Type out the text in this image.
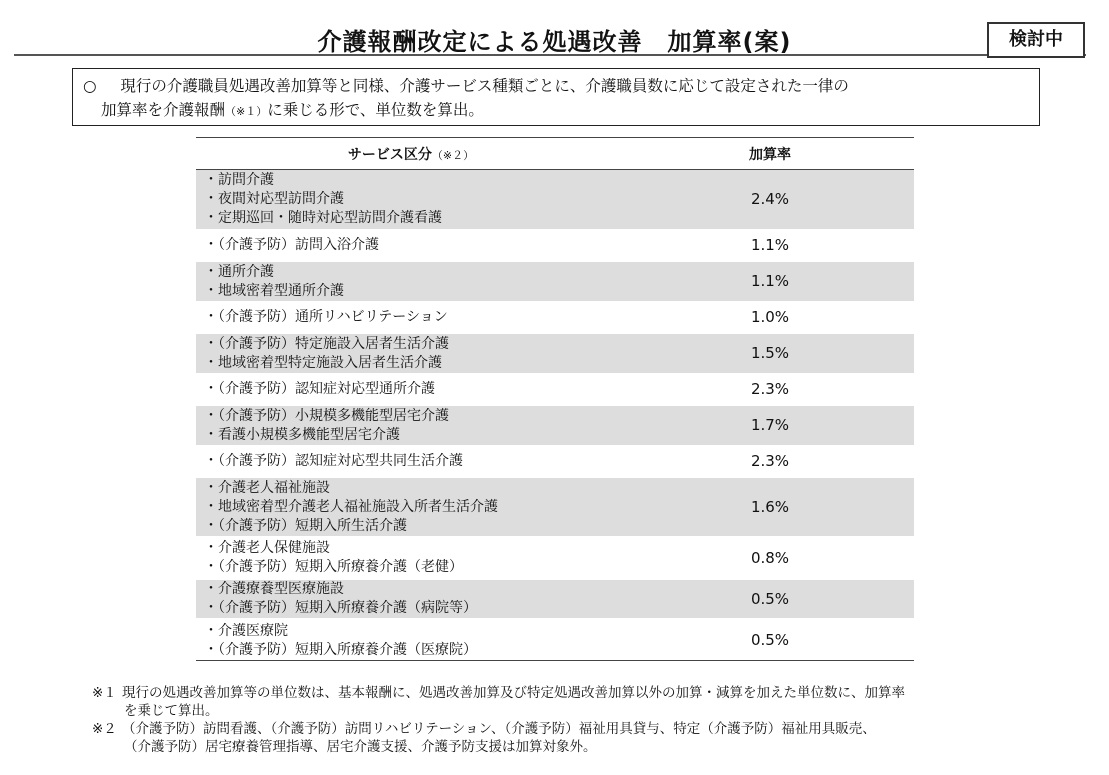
介護報酬改定による処遇改善　加算率(案)	検討中
○ 現行の介護職員処遇改善加算等と同様、介護サービス種類ごとに、介護職員数に応じて設定された一律の
加算率を介護報酬（※１）に乗じる形で、単位数を算出。
サービス区分（※２）	加算率

・訪問介護
・夜間対応型訪問介護
・定期巡回・随時対応型訪問介護看護	2.4%

・（介護予防）訪問入浴介護	1.1%

・通所介護
・地域密着型通所介護	1.1%

・（介護予防）通所リハビリテーション	1.0%

・（介護予防）特定施設入居者生活介護
・地域密着型特定施設入居者生活介護	1.5%

・（介護予防）認知症対応型通所介護	2.3%

・（介護予防）小規模多機能型居宅介護
・看護小規模多機能型居宅介護	1.7%

・（介護予防）認知症対応型共同生活介護	2.3%

・介護老人福祉施設
・地域密着型介護老人福祉施設入所者生活介護
・（介護予防）短期入所生活介護	1.6%

・介護老人保健施設
・（介護予防）短期入所療養介護（老健）	0.8%

・介護療養型医療施設
・（介護予防）短期入所療養介護（病院等）	0.5%

・介護医療院
・（介護予防）短期入所療養介護（医療院）	0.5%
※１ 現行の処遇改善加算等の単位数は、基本報酬に、処遇改善加算及び特定処遇改善加算以外の加算・減算を加えた単位数に、加算率
を乗じて算出。
※２ （介護予防）訪問看護、（介護予防）訪問リハビリテーション、（介護予防）福祉用具貸与、特定（介護予防）福祉用具販売、
（介護予防）居宅療養管理指導、居宅介護支援、介護予防支援は加算対象外。
